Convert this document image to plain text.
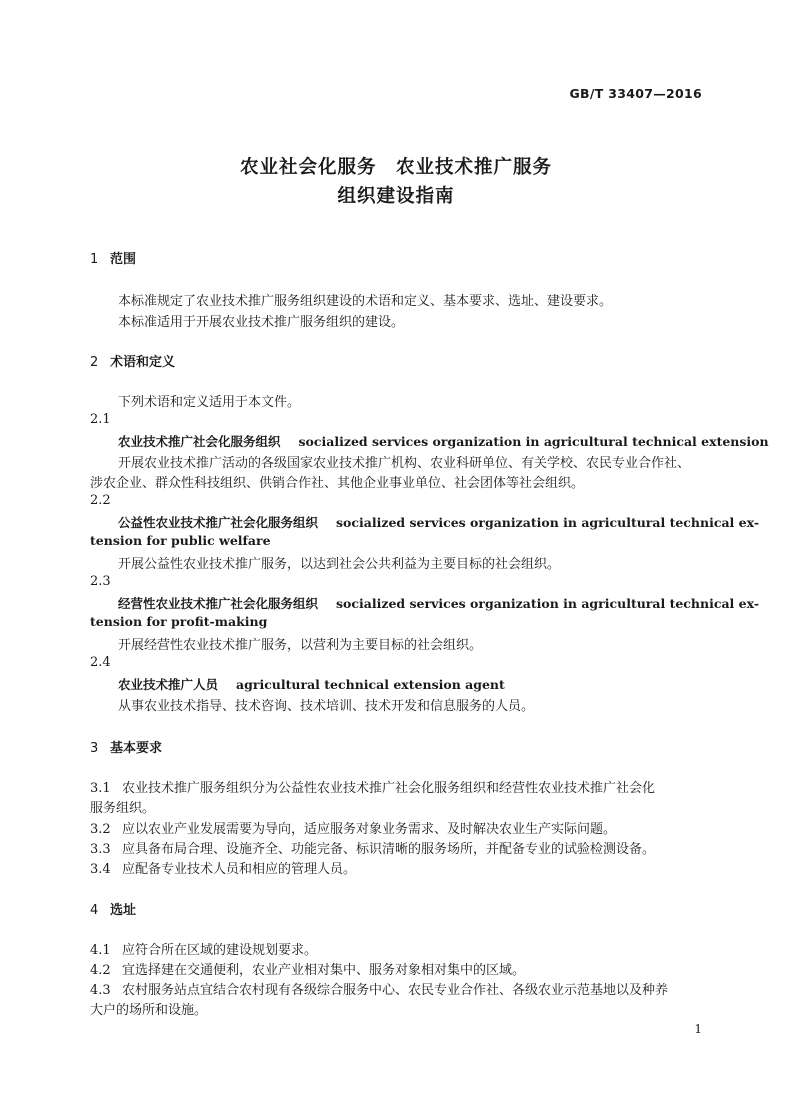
GB/T 33407—2016
农业社会化服务　农业技术推广服务
组织建设指南
1 范围
本标准规定了农业技术推广服务组织建设的术语和定义、基本要求、选址、建设要求。
本标准适用于开展农业技术推广服务组织的建设。
2 术语和定义
下列术语和定义适用于本文件。
2.1
农业技术推广社会化服务组织 socialized services organization in agricultural technical extension
开展农业技术推广活动的各级国家农业技术推广机构、农业科研单位、有关学校、农民专业合作社、
涉农企业、群众性科技组织、供销合作社、其他企业事业单位、社会团体等社会组织。
2.2
公益性农业技术推广社会化服务组织 socialized services organization in agricultural technical ex-
tension for public welfare
开展公益性农业技术推广服务，以达到社会公共利益为主要目标的社会组织。
2.3
经营性农业技术推广社会化服务组织 socialized services organization in agricultural technical ex-
tension for profit-making
开展经营性农业技术推广服务，以营利为主要目标的社会组织。
2.4
农业技术推广人员 agricultural technical extension agent
从事农业技术指导、技术咨询、技术培训、技术开发和信息服务的人员。
3 基本要求
3.1 农业技术推广服务组织分为公益性农业技术推广社会化服务组织和经营性农业技术推广社会化
服务组织。
3.2 应以农业产业发展需要为导向，适应服务对象业务需求、及时解决农业生产实际问题。
3.3 应具备布局合理、设施齐全、功能完备、标识清晰的服务场所，并配备专业的试验检测设备。
3.4 应配备专业技术人员和相应的管理人员。
4 选址
4.1 应符合所在区域的建设规划要求。
4.2 宜选择建在交通便利，农业产业相对集中、服务对象相对集中的区域。
4.3 农村服务站点宜结合农村现有各级综合服务中心、农民专业合作社、各级农业示范基地以及种养
大户的场所和设施。
1
